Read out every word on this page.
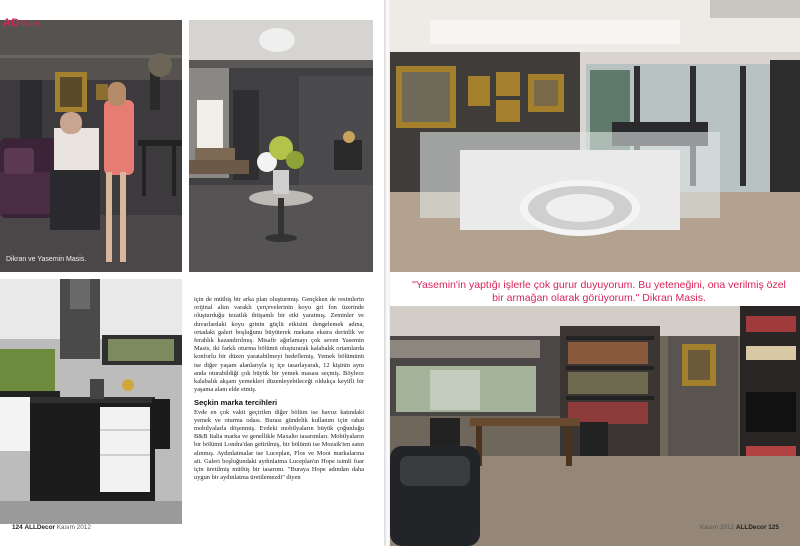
ADEvler
Dikran ve Yasemin Masis.

için de müthiş bir arka plan oluşturmuş. Gençkken de resimlerin orijinal altın varaklı çerçevelerinin koyu gri fon üzerinde oluşturduğu tezatlık ihtişamlı bir etki yaratmış. Zeminler ve duvarlardaki koyu grinin güçlü etkisini dengelemek adına, ortadaki galeri boşluğunu büyüterek mekana ekstra derinlik ve ferahlık kazandırılmış. Misafir ağırlamayı çok seven Yasemin Masis, iki farklı oturma bölümü oluşturarak kalabalık ortamlarda konforlu bir düzen yaratabilmeyi hedeflemiş. Yemek bölümünü ise diğer yaşam alanlarıyla iç içe tasarlayarak, 12 kişinin aynı anda oturabildiği çok büyük bir yemek masası seçmiş. Böylece kalabalık akşam yemekleri düzenleyebileceği oldukça keyifli bir yaşama alanı elde etmiş.

Seçkin marka tercihleri

Evde en çok vakit geçirilen diğer bölüm ise havuz katındaki yemek ve oturma odası. Burası gündelik kullanım için rahat mobilyalarla döşenmiş. Evdeki mobilyaların büyük çoğunluğu B&B Italia marka ve genellikle Maxalto tasarımları. Mobilyaların bir bölümü Londra'dan getirilmiş, bir bölümü ise Mozaik'ten satın alınmış. Aydınlatmalar ise Luceplan, Flos ve Mooi markalarına ait. Galeri boşluğundaki aydınlatma Luceplan'ın Hope isimli fuar için üretilmiş müthiş bir tasarımı. "Buraya Hope adından daha uygun bir aydınlatma üretilemezdi" diyen

124 ALLDecor Kasım 2012
"Yasemin'in yaptığı işlerle çok gurur duyuyorum. Bu yeteneğini, ona verilmiş özel bir armağan olarak görüyorum." Dikran Masis.
Kasım 2012 ALLDecor 125
